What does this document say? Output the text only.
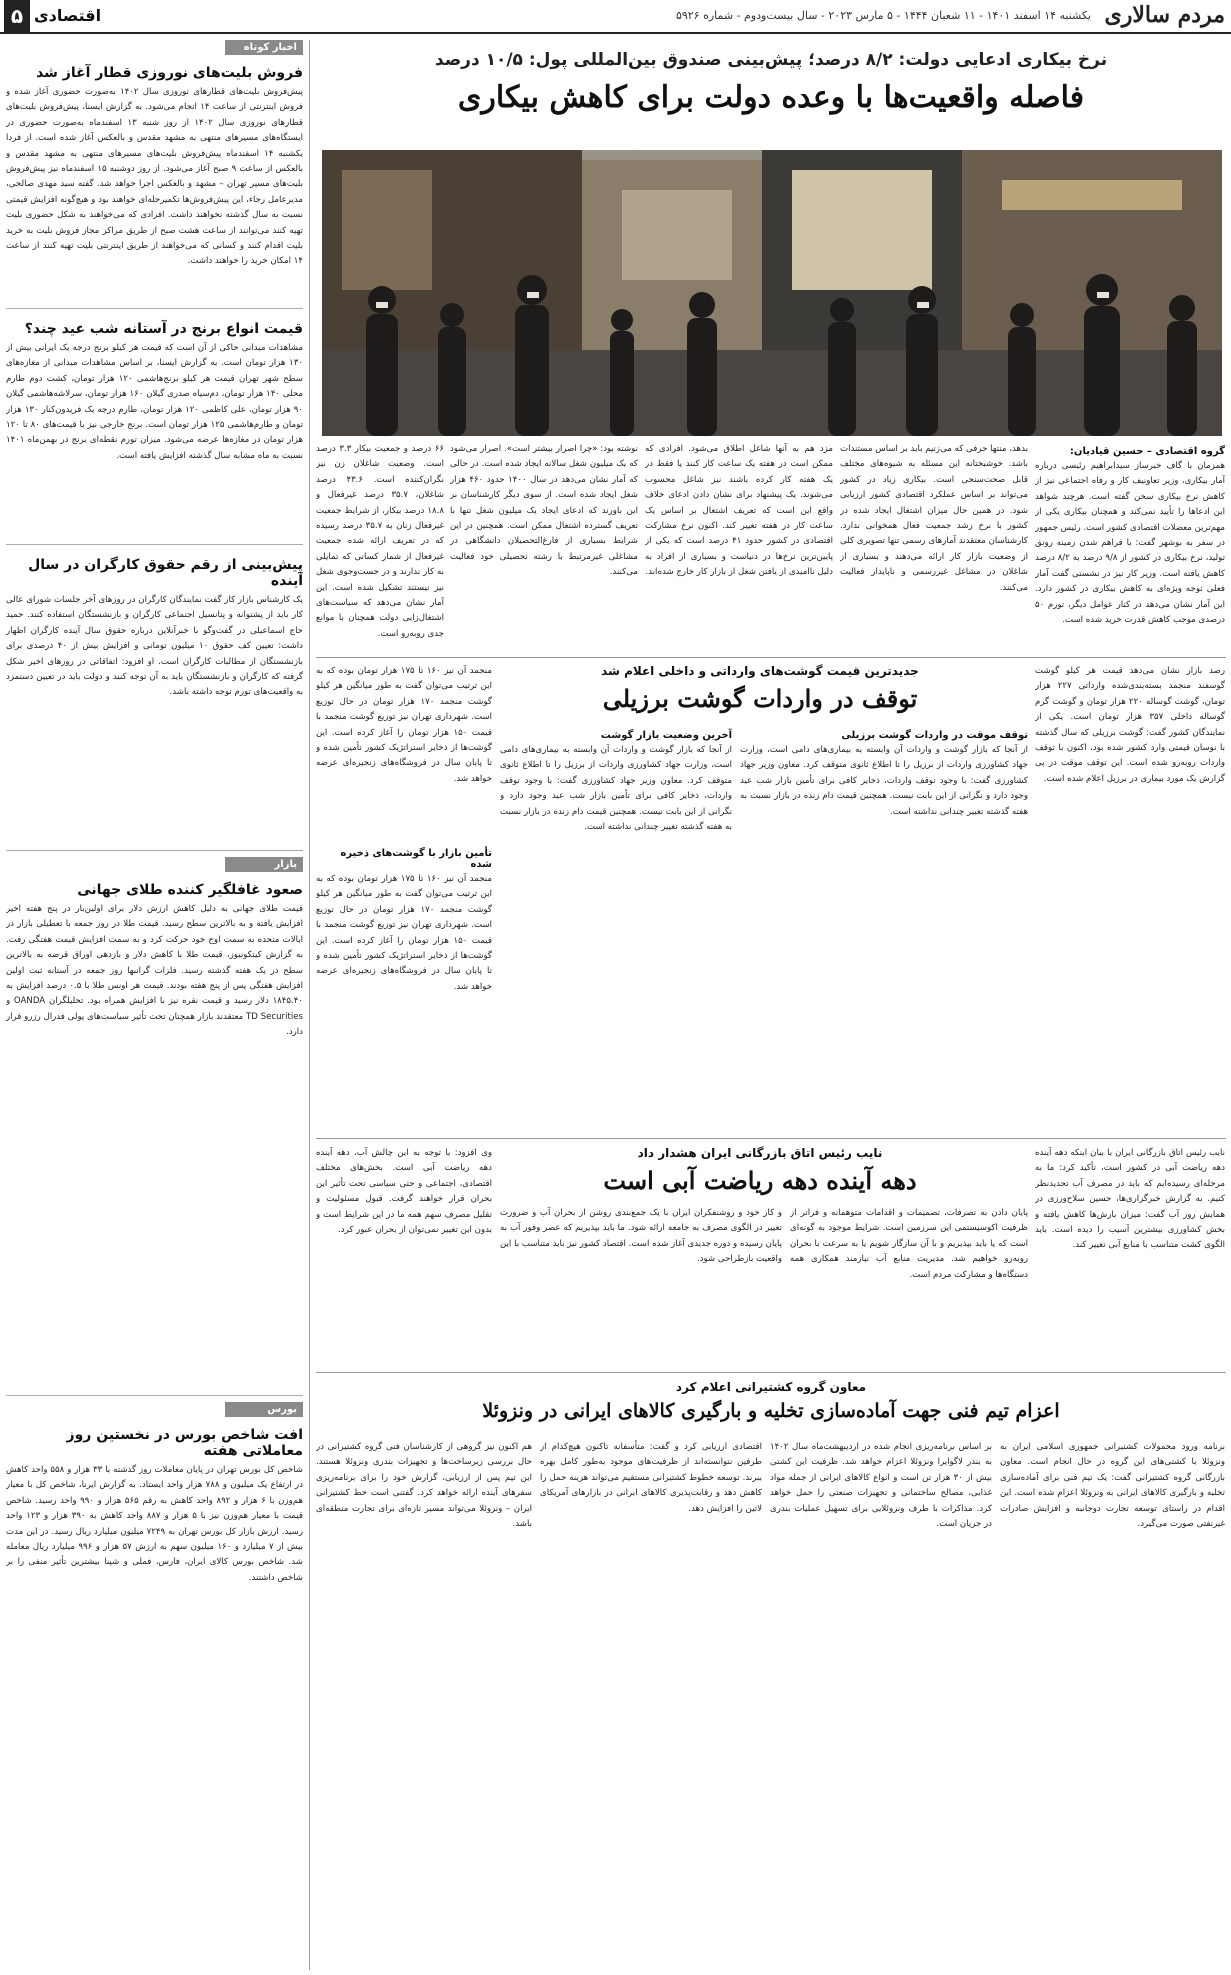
مردم سالاری
یکشنبه ۱۴ اسفند ۱۴۰۱ - ۱۱ شعبان ۱۴۴۴ - ۵ مارس ۲۰۲۳ - سال بیست‌ودوم - شماره ۵۹۲۶
اقتصادی
۵
اخبار کوتاه
فروش بلیت‌های نوروزی قطار آغاز شد
پیش‌فروش بلیت‌های قطارهای نوروزی سال ۱۴۰۲ به‌صورت حضوری آغاز شده و فروش اینترنتی از ساعت ۱۴ انجام می‌شود. به گزارش ایسنا، پیش‌فروش بلیت‌های قطارهای نوروزی سال ۱۴۰۲ از روز شنبه ۱۳ اسفندماه به‌صورت حضوری در ایستگاه‌های مسیرهای منتهی به مشهد مقدس و بالعکس آغاز شده است. از فردا یکشنبه ۱۴ اسفندماه پیش‌فروش بلیت‌های مسیرهای منتهی به مشهد مقدس و بالعکس از ساعت ۹ صبح آغاز می‌شود. از روز دوشنبه ۱۵ اسفندماه نیز پیش‌فروش بلیت‌های مسیر تهران – مشهد و بالعکس اجرا خواهد شد. گفته سید مهدی صالحی، مدیرعامل رجاء، این پیش‌فروش‌ها تکمیرحله‌ای خواهند بود و هیچ‌گونه افزایش قیمتی نسبت به سال گذشته نخواهند داشت. افرادی که می‌خواهند به شکل حضوری بلیت تهیه کنند می‌توانند از ساعت هشت صبح از طریق مراکز مجاز فروش بلیت به خرید بلیت اقدام کنند و کسانی که می‌خواهند از طریق اینترنتی بلیت تهیه کنند از ساعت ۱۴ امکان خرید را خواهند داشت.
قیمت انواع برنج در آستانه شب عید چند؟
مشاهدات میدانی حاکی از آن است که قیمت هر کیلو برنج درجه یک ایرانی بیش از ۱۳۰ هزار تومان است. به گزارش ایسنا، بر اساس مشاهدات میدانی از مغازه‌های سطح شهر تهران قیمت هر کیلو برنج‌هاشمی ۱۲۰ هزار تومان، کشت دوم طارم محلی ۱۴۰ هزار تومان، دم‌سیاه صدری گیلان ۱۶۰ هزار تومان، سرلاشه‌هاشمی گیلان ۹۰ هزار تومان، علی کاظمی ۱۲۰ هزار تومان، طارم درجه یک فریدون‌کنار ۱۳۰ هزار تومان و طارم‌هاشمی ۱۲۵ هزار تومان است. برنج خارجی نیز با قیمت‌های ۸۰ تا ۱۲۰ هزار تومان در مغازه‌ها عرضه می‌شود. میزان تورم نقطه‌ای برنج در بهمن‌ماه ۱۴۰۱ نسبت به ماه مشابه سال گذشته افزایش یافته است.
پیش‌بینی از رقم حقوق کارگران در سال آینده
یک کارشناس بازار کار گفت نمایندگان کارگران در روزهای آخر جلسات شورای عالی کار باید از پشتوانه و پتانسیل اجتماعی کارگران و بازنشستگان استفاده کنند. حمید حاج اسماعیلی در گفت‌وگو با خبرآنلاین درباره حقوق سال آینده کارگران اظهار داشت: تعیین کف حقوق ۱۰ میلیون تومانی و افزایش بیش از ۴۰ درصدی برای بازنشستگان از مطالبات کارگران است. او افزود: اتفاقاتی در روزهای اخیر شکل گرفته که کارگران و بازنشستگان باید به آن توجه کنند و دولت باید در تعیین دستمزد به واقعیت‌های تورم توجه داشته باشد.
بازار
صعود غافلگیر کننده طلای جهانی
قیمت طلای جهانی به دلیل کاهش ارزش دلار برای اولین‌بار در پنج هفته اخیر افزایش یافته و به بالاترین سطح رسید. قیمت طلا در روز جمعه با تعطیلی بازار در ایالات متحده به سمت اوج خود حرکت کرد و به سمت افزایش قیمت هفتگی رفت. به گزارش کیتکونیوز، قیمت طلا با کاهش دلار و بازدهی اوراق قرضه به بالاترین سطح در یک هفته گذشته رسید. فلزات گرانبها روز جمعه در آستانه ثبت اولین افزایش هفتگی پس از پنج هفته بودند. قیمت هر اونس طلا با ۰.۵ درصد افزایش به ۱۸۴۵.۴۰ دلار رسید و قیمت نقره نیز با افزایش همراه بود. تحلیلگران OANDA و TD Securities معتقدند بازار همچنان تحت تأثیر سیاست‌های پولی فدرال رزرو قرار دارد.
بورس
افت شاخص بورس در نخستین روز معاملاتی هفته
شاخص کل بورس تهران در پایان معاملات روز گذشته با ۳۳ هزار و ۵۵۸ واحد کاهش در ارتفاع یک میلیون و ۷۸۸ هزار واحد ایستاد. به گزارش ایرنا، شاخص کل با معیار هم‌وزن با ۶ هزار و ۸۹۲ واحد کاهش به رقم ۵۶۵ هزار و ۹۹۰ واحد رسید. شاخص قیمت با معیار هم‌وزن نیز با ۵ هزار و ۸۸۷ واحد کاهش به ۳۹۰ هزار و ۱۲۳ واحد رسید. ارزش بازار کل بورس تهران به ۷۲۴۹ میلیون میلیارد ریال رسید. در این مدت بیش از ۷ میلیارد و ۱۶۰ میلیون سهم به ارزش ۵۷ هزار و ۹۹۶ میلیارد ریال معامله شد. شاخص بورس کالای ایران، فارس، فملی و شپنا بیشترین تأثیر منفی را بر شاخص داشتند.
نرخ بیکاری ادعایی دولت: ۸/۲ درصد؛ پیش‌بینی صندوق بین‌المللی پول: ۱۰/۵ درصد
فاصله واقعیت‌ها با وعده دولت برای کاهش بیکاری
گروه اقتصادی – حسین قیادیان:
همزمان با گاف خبرساز سیدابراهیم رئیسی درباره آمار بیکاری، وزیر تعاونیف کار و رفاه اجتماعی نیز از کاهش نرخ بیکاری سخن گفته است. هرچند شواهد این ادعاها را تأیید نمی‌کند و همچنان بیکاری یکی از مهم‌ترین معضلات اقتصادی کشور است. رئیس جمهور در سفر به بوشهر گفت: با فراهم شدن زمینه رونق تولید، نرخ بیکاری در کشور از ۹/۸ درصد به ۸/۲ درصد کاهش یافته است. وزیر کار نیز در نشستی گفت آمار فعلی توجه ویژه‌ای به کاهش بیکاری در کشور دارد. این آمار نشان می‌دهد در کنار عوامل دیگر، تورم ۵۰ درصدی موجب کاهش قدرت خرید شده است.
بدهد، منتها حرفی که می‌زنیم باید بر اساس مستندات باشد. خوشبختانه این مسئله به شیوه‌های مختلف قابل صحت‌سنجی است. بیکاری زیاد در کشور می‌تواند بر اساس عملکرد اقتصادی کشور ارزیابی شود. در همین حال میزان اشتغال ایجاد شده در کشور با نرخ رشد جمعیت فعال همخوانی ندارد. کارشناسان معتقدند آمارهای رسمی تنها تصویری کلی از وضعیت بازار کار ارائه می‌دهند و بسیاری از شاغلان در مشاغل غیررسمی و ناپایدار فعالیت می‌کنند.
مزد هم به آنها شاغل اطلاق می‌شود. افرادی که ممکن است در هفته یک ساعت کار کنند یا فقط در یک هفته کار کرده باشند نیز شاغل محسوب می‌شوند. یک پیشنهاد برای نشان دادن ادعای خلاف واقع این است که تعریف اشتغال بر اساس یک ساعت کار در هفته تغییر کند. اکنون نرخ مشارکت اقتصادی در کشور حدود ۴۱ درصد است که یکی از پایین‌ترین نرخ‌ها در دنیاست و بسیاری از افراد به دلیل ناامیدی از یافتن شغل از بازار کار خارج شده‌اند.
نوشته بود: «چرا اصرار بیشتر است». اصرار می‌شود که یک میلیون شغل سالانه ایجاد شده است. در حالی که آمار نشان می‌دهد در سال ۱۴۰۰ حدود ۴۶۰ هزار شغل ایجاد شده است. از سوی دیگر کارشناسان بر این باورند که ادعای ایجاد یک میلیون شغل تنها با تعریف گسترده اشتغال ممکن است. همچنین در این شرایط بسیاری از فارغ‌التحصیلان دانشگاهی در مشاغلی غیرمرتبط با رشته تحصیلی خود فعالیت می‌کنند.
۶۶ درصد و جمعیت بیکار ۳.۳ درصد است. وضعیت شاغلان زن نیز نگران‌کننده است. ۴۳.۶ درصد شاغلان، ۳۵.۷ درصد غیرفعال و ۱۸.۸ درصد بیکار، از شرایط جمعیت غیرفعال زنان به ۳۵.۷ درصد رسیده که در تعریف ارائه شده جمعیت غیرفعال از شمار کسانی که تمایلی به کار ندارند و در جست‌وجوی شغل نیز نیستند تشکیل شده است. این آمار نشان می‌دهد که سیاست‌های اشتغال‌زایی دولت همچنان با موانع جدی روبه‌رو است.
جدیدترین قیمت گوشت‌های وارداتی و داخلی اعلام شد
توقف در واردات گوشت برزیلی
رصد بازار نشان می‌دهد قیمت هر کیلو گوشت گوسفند منجمد بسته‌بندی‌شده وارداتی ۲۲۷ هزار تومان، گوشت گوساله ۲۲۰ هزار تومان و گوشت گرم گوساله داخلی ۳۵۷ هزار تومان است. یکی از نمایندگان کشور گفت: گوشت برزیلی که سال گذشته با نوسان قیمتی وارد کشور شده بود، اکنون با توقف واردات روبه‌رو شده است. این توقف موقت در پی گزارش یک مورد بیماری در برزیل اعلام شده است.
توقف موقت در واردات گوشت برزیلی
از آنجا که بازار گوشت و واردات آن وابسته به بیماری‌های دامی است، وزارت جهاد کشاورزی واردات از برزیل را تا اطلاع ثانوی متوقف کرد. معاون وزیر جهاد کشاورزی گفت: با وجود توقف واردات، ذخایر کافی برای تأمین بازار شب عید وجود دارد و نگرانی از این بابت نیست. همچنین قیمت دام زنده در بازار نسبت به هفته گذشته تغییر چندانی نداشته است.
آخرین وضعیت بازار گوشت
از آنجا که بازار گوشت و واردات آن وابسته به بیماری‌های دامی است، وزارت جهاد کشاورزی واردات از برزیل را تا اطلاع ثانوی متوقف کرد. معاون وزیر جهاد کشاورزی گفت: با وجود توقف واردات، ذخایر کافی برای تأمین بازار شب عید وجود دارد و نگرانی از این بابت نیست. همچنین قیمت دام زنده در بازار نسبت به هفته گذشته تغییر چندانی نداشته است.
منجمد آن نیز ۱۶۰ تا ۱۷۵ هزار تومان بوده که به این ترتیب می‌توان گفت به طور میانگین هر کیلو گوشت منجمد ۱۷۰ هزار تومان در حال توزیع است. شهرداری تهران نیز توزیع گوشت منجمد با قیمت ۱۵۰ هزار تومان را آغاز کرده است. این گوشت‌ها از ذخایر استراتژیک کشور تأمین شده و تا پایان سال در فروشگاه‌های زنجیره‌ای عرضه خواهد شد.
تأمین بازار با گوشت‌های ذخیره شده
منجمد آن نیز ۱۶۰ تا ۱۷۵ هزار تومان بوده که به این ترتیب می‌توان گفت به طور میانگین هر کیلو گوشت منجمد ۱۷۰ هزار تومان در حال توزیع است. شهرداری تهران نیز توزیع گوشت منجمد با قیمت ۱۵۰ هزار تومان را آغاز کرده است. این گوشت‌ها از ذخایر استراتژیک کشور تأمین شده و تا پایان سال در فروشگاه‌های زنجیره‌ای عرضه خواهد شد.
نایب رئیس اتاق بازرگانی ایران هشدار داد
دهه آینده دهه ریاضت آبی است
نایب رئیس اتاق بازرگانی ایران با بیان اینکه دهه آینده دهه ریاضت آبی در کشور است، تأکید کرد: ما به مرحله‌ای رسیده‌ایم که باید در مصرف آب تجدیدنظر کنیم. به گزارش خبرگزاری‌ها، حسین سلاح‌ورزی در همایش روز آب گفت: میزان بارش‌ها کاهش یافته و بخش کشاورزی بیشترین آسیب را دیده است. باید الگوی کشت متناسب با منابع آبی تغییر کند.
پایان دادن به تصرفات، تصمیمات و اقدامات متوهمانه و فراتر از ظرفیت اکوسیستمی این سرزمین است. شرایط موجود به گونه‌ای است که یا باید بپذیریم و با آن سازگار شویم یا به سرعت با بحران روبه‌رو خواهیم شد. مدیریت منابع آب نیازمند همکاری همه دستگاه‌ها و مشارکت مردم است.
و کار خود و روشنفکران ایران با یک جمع‌بندی روشن از بحران آب و ضرورت تغییر در الگوی مصرف به جامعه ارائه شود. ما باید بپذیریم که عصر وفور آب به پایان رسیده و دوره جدیدی آغاز شده است. اقتصاد کشور نیز باید متناسب با این واقعیت بازطراحی شود.
وی افزود: با توجه به این چالش آب، دهه آینده دهه ریاضت آبی است. بخش‌های مختلف اقتصادی، اجتماعی و حتی سیاسی تحت تأثیر این بحران قرار خواهند گرفت. قبول مسئولیت و تقلیل مصرف سهم همه ما در این شرایط است و بدون این تغییر نمی‌توان از بحران عبور کرد.
معاون گروه کشتیرانی اعلام کرد
اعزام تیم فنی جهت آماده‌سازی تخلیه و بارگیری کالاهای ایرانی در ونزوئلا
برنامه ورود محمولات کشتیرانی جمهوری اسلامی ایران به ونزوئلا با کشتی‌های این گروه در حال انجام است. معاون بازرگانی گروه کشتیرانی گفت: یک تیم فنی برای آماده‌سازی تخلیه و بارگیری کالاهای ایرانی به ونزوئلا اعزام شده است. این اقدام در راستای توسعه تجارت دوجانبه و افزایش صادرات غیرنفتی صورت می‌گیرد.
بر اساس برنامه‌ریزی انجام شده در اردیبهشت‌ماه سال ۱۴۰۲ به بندر لاگوایرا ونزوئلا اعزام خواهد شد. ظرفیت این کشتی بیش از ۳۰ هزار تن است و انواع کالاهای ایرانی از جمله مواد غذایی، مصالح ساختمانی و تجهیزات صنعتی را حمل خواهد کرد. مذاکرات با طرف ونزوئلایی برای تسهیل عملیات بندری در جریان است.
اقتصادی ارزیابی کرد و گفت: متأسفانه تاکنون هیچ‌کدام از طرفین نتوانسته‌اند از ظرفیت‌های موجود به‌طور کامل بهره ببرند. توسعه خطوط کشتیرانی مستقیم می‌تواند هزینه حمل را کاهش دهد و رقابت‌پذیری کالاهای ایرانی در بازارهای آمریکای لاتین را افزایش دهد.
هم اکنون نیز گروهی از کارشناسان فنی گروه کشتیرانی در حال بررسی زیرساخت‌ها و تجهیزات بندری ونزوئلا هستند. این تیم پس از ارزیابی، گزارش خود را برای برنامه‌ریزی سفرهای آینده ارائه خواهد کرد. گفتنی است خط کشتیرانی ایران – ونزوئلا می‌تواند مسیر تازه‌ای برای تجارت منطقه‌ای باشد.
